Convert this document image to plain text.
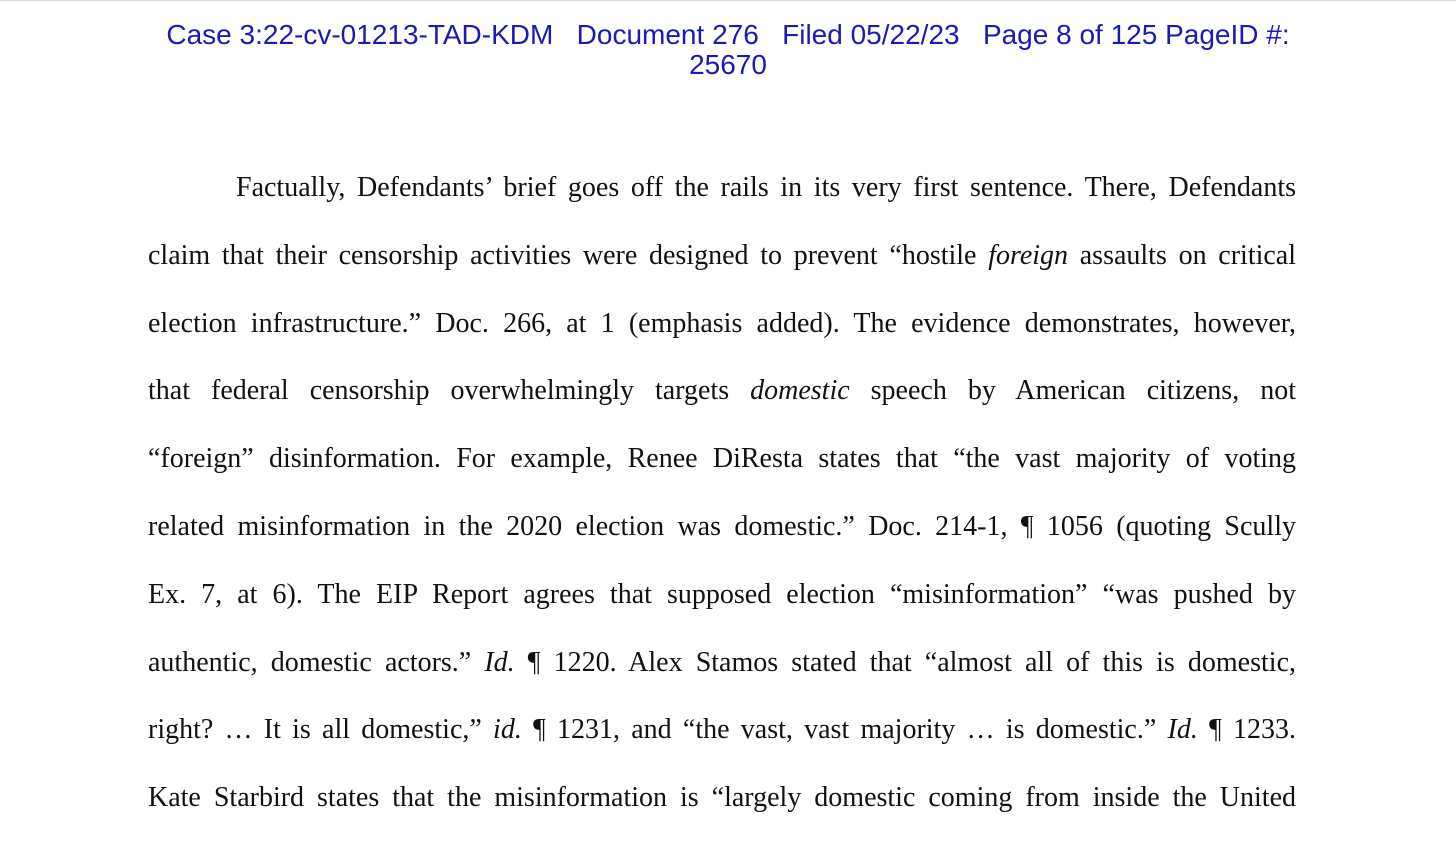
Case 3:22-cv-01213-TAD-KDM Document 276 Filed 05/22/23 Page 8 of 125 PageID #:
25670
Factually, Defendants’ brief goes off the rails in its very first sentence. There, Defendants
claim that their censorship activities were designed to prevent “hostile foreign assaults on critical
election infrastructure.” Doc. 266, at 1 (emphasis added). The evidence demonstrates, however,
that federal censorship overwhelmingly targets domestic speech by American citizens, not
“foreign” disinformation. For example, Renee DiResta states that “the vast majority of voting
related misinformation in the 2020 election was domestic.” Doc. 214-1, ¶ 1056 (quoting Scully
Ex. 7, at 6). The EIP Report agrees that supposed election “misinformation” “was pushed by
authentic, domestic actors.” Id. ¶ 1220. Alex Stamos stated that “almost all of this is domestic,
right? … It is all domestic,” id. ¶ 1231, and “the vast, vast majority … is domestic.” Id. ¶ 1233.
Kate Starbird states that the misinformation is “largely domestic coming from inside the United
